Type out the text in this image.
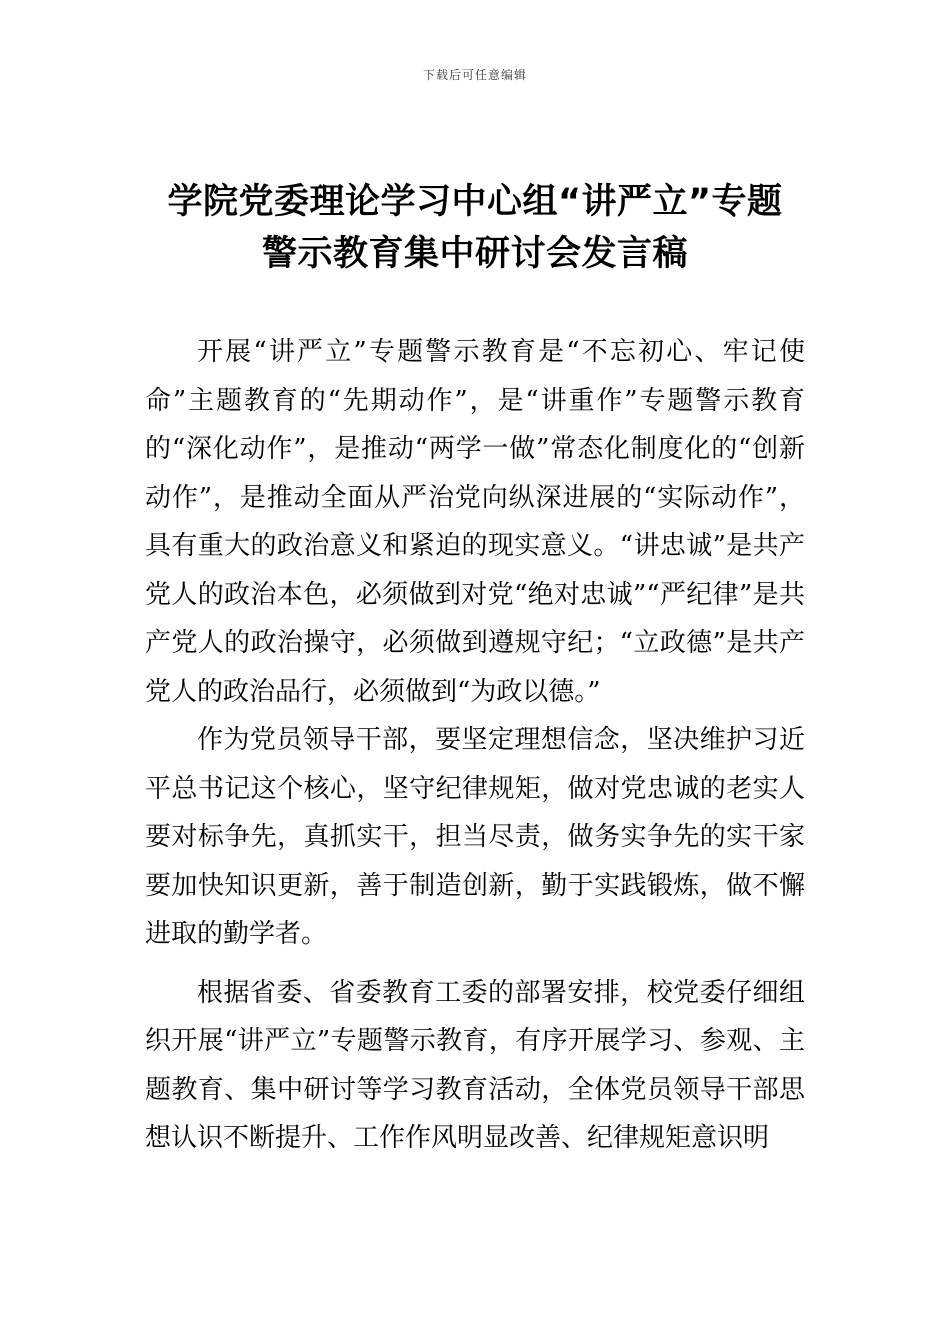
下载后可任意编辑
学院党委理论学习中心组“讲严立”专题
警示教育集中研讨会发言稿

开展“讲严立”专题警示教育是“不忘初心、牢记使命”主题教育的“先期动作”，是“讲重作”专题警示教育的“深化动作”，是推动“两学一做”常态化制度化的“创新动作”，是推动全面从严治党向纵深进展的“实际动作”，具有重大的政治意义和紧迫的现实意义。“讲忠诚”是共产党人的政治本色，必须做到对党“绝对忠诚”“严纪律”是共产党人的政治操守，必须做到遵规守纪；“立政德”是共产党人的政治品行，必须做到“为政以德。”

作为党员领导干部，要坚定理想信念，坚决维护习近平总书记这个核心，坚守纪律规矩，做对党忠诚的老实人要对标争先，真抓实干，担当尽责，做务实争先的实干家要加快知识更新，善于制造创新，勤于实践锻炼，做不懈进取的勤学者。

根据省委、省委教育工委的部署安排，校党委仔细组织开展“讲严立”专题警示教育，有序开展学习、参观、主题教育、集中研讨等学习教育活动，全体党员领导干部思想认识不断提升、工作作风明显改善、纪律规矩意识明
